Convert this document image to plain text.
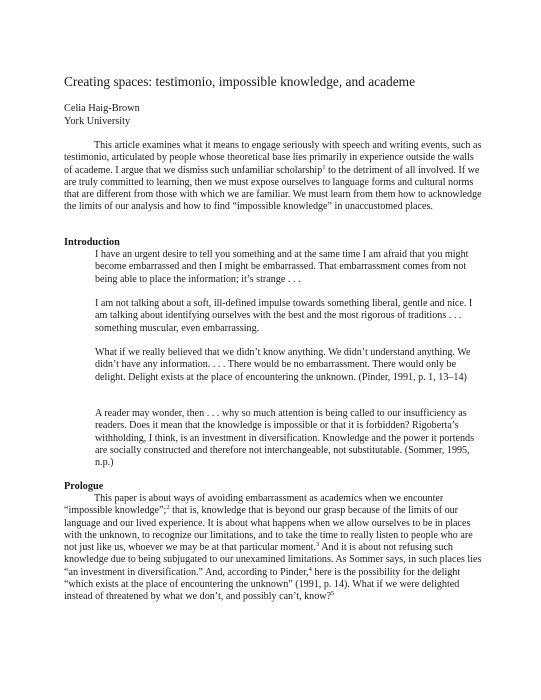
Creating spaces: testimonio, impossible knowledge, and academe
Celia Haig-Brown
York University

This article examines what it means to engage seriously with speech and writing events, such as testimonio, articulated by people whose theoretical base lies primarily in experience outside the walls of academe. I argue that we dismiss such unfamiliar scholarship$^1$ to the detriment of all involved. If we are truly committed to learning, then we must expose ourselves to language forms and cultural norms that are different from those with which we are familiar. We must learn from them how to acknowledge the limits of our analysis and how to find “impossible knowledge” in unaccustomed places.

Introduction

I have an urgent desire to tell you something and at the same time I am afraid that you might become embarrassed and then I might be embarrassed. That embarrassment comes from not being able to place the information; it’s strange . . .

I am not talking about a soft, ill-defined impulse towards something liberal, gentle and nice. I am talking about identifying ourselves with the best and the most rigorous of traditions . . . something muscular, even embarrassing.

What if we really believed that we didn’t know anything. We didn’t understand anything. We didn’t have any information. . . . There would be no embarrassment. There would only be delight. Delight exists at the place of encountering the unknown. (Pinder, 1991, p. 1, 13–14)

A reader may wonder, then . . . why so much attention is being called to our insufficiency as readers. Does it mean that the knowledge is impossible or that it is forbidden? Rigoberta’s withholding, I think, is an investment in diversification. Knowledge and the power it portends are socially constructed and therefore not interchangeable, not substitutable. (Sommer, 1995, n.p.)

Prologue

This paper is about ways of avoiding embarrassment as academics when we encounter “impossible knowledge”;$^2$ that is, knowledge that is beyond our grasp because of the limits of our language and our lived experience. It is about what happens when we allow ourselves to be in places with the unknown, to recognize our limitations, and to take the time to really listen to people who are not just like us, whoever we may be at that particular moment.$^3$ And it is about not refusing such knowledge due to being subjugated to our unexamined limitations. As Sommer says, in such places lies “an investment in diversification.” And, according to Pinder,$^4$ here is the possibility for the delight “which exists at the place of encountering the unknown” (1991, p. 14). What if we were delighted instead of threatened by what we don’t, and possibly can’t, know?$^5$
